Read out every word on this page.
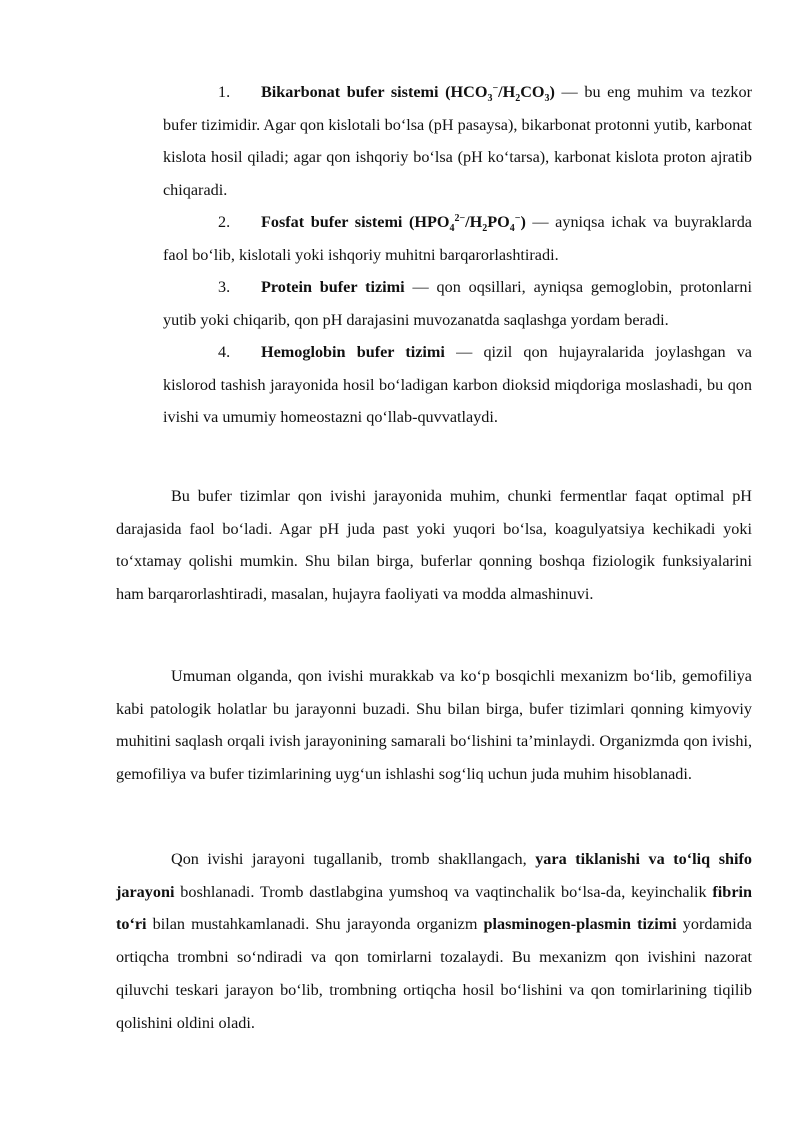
1. Bikarbonat bufer sistemi $(HCO_3^-/H_2CO_3)$ — bu eng muhim va tezkor bufer tizimidir. Agar qon kislotali bo‘lsa (pH pasaysa), bikarbonat protonni yutib, karbonat kislota hosil qiladi; agar qon ishqoriy bo‘lsa (pH ko‘tarsa), karbonat kislota proton ajratib chiqaradi.

2. Fosfat bufer sistemi $(HPO_4^{2-}/H_2PO_4^-)$ — ayniqsa ichak va buyraklarda faol bo‘lib, kislotali yoki ishqoriy muhitni barqarorlashtiradi.

3. Protein bufer tizimi — qon oqsillari, ayniqsa gemoglobin, protonlarni yutib yoki chiqarib, qon pH darajasini muvozanatda saqlashga yordam beradi.

4. Hemoglobin bufer tizimi — qizil qon hujayralarida joylashgan va kislorod tashish jarayonida hosil bo‘ladigan karbon dioksid miqdoriga moslashadi, bu qon ivishi va umumiy homeostazni qo‘llab-quvvatlaydi.

Bu bufer tizimlar qon ivishi jarayonida muhim, chunki fermentlar faqat optimal pH darajasida faol bo‘ladi. Agar pH juda past yoki yuqori bo‘lsa, koagulyatsiya kechikadi yoki to‘xtamay qolishi mumkin. Shu bilan birga, buferlar qonning boshqa fiziologik funksiyalarini ham barqarorlashtiradi, masalan, hujayra faoliyati va modda almashinuvi.

Umuman olganda, qon ivishi murakkab va ko‘p bosqichli mexanizm bo‘lib, gemofiliya kabi patologik holatlar bu jarayonni buzadi. Shu bilan birga, bufer tizimlari qonning kimyoviy muhitini saqlash orqali ivish jarayonining samarali bo‘lishini ta’minlaydi. Organizmda qon ivishi, gemofiliya va bufer tizimlarining uyg‘un ishlashi sog‘liq uchun juda muhim hisoblanadi.

Qon ivishi jarayoni tugallanib, tromb shakllangach, yara tiklanishi va to‘liq shifo jarayoni boshlanadi. Tromb dastlabgina yumshoq va vaqtinchalik bo‘lsa-da, keyinchalik fibrin to‘ri bilan mustahkamlanadi. Shu jarayonda organizm plasminogen-plasmin tizimi yordamida ortiqcha trombni so‘ndiradi va qon tomirlarni tozalaydi. Bu mexanizm qon ivishini nazorat qiluvchi teskari jarayon bo‘lib, trombning ortiqcha hosil bo‘lishini va qon tomirlarining tiqilib qolishini oldini oladi.
